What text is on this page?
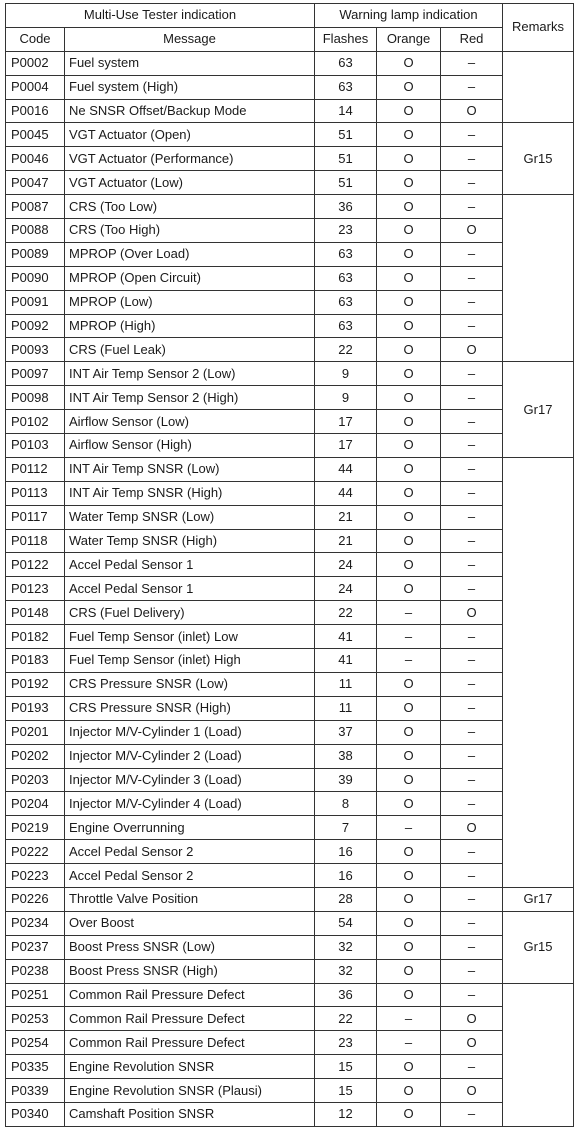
Multi-Use Tester indication		Warning lamp indication			Remarks
Code	Message	Flashes	Orange	Red	
P0002	Fuel system	63	O	–	
P0004	Fuel system (High)	63	O	–	
P0016	Ne SNSR Offset/Backup Mode	14	O	O	
P0045	VGT Actuator (Open)	51	O	–	Gr15
P0046	VGT Actuator (Performance)	51	O	–	
P0047	VGT Actuator (Low)	51	O	–	
P0087	CRS (Too Low)	36	O	–	
P0088	CRS (Too High)	23	O	O	
P0089	MPROP (Over Load)	63	O	–	
P0090	MPROP (Open Circuit)	63	O	–	
P0091	MPROP (Low)	63	O	–	
P0092	MPROP (High)	63	O	–	
P0093	CRS (Fuel Leak)	22	O	O	
P0097	INT Air Temp Sensor 2 (Low)	9	O	–	Gr17
P0098	INT Air Temp Sensor 2 (High)	9	O	–	
P0102	Airflow Sensor (Low)	17	O	–	
P0103	Airflow Sensor (High)	17	O	–	
P0112	INT Air Temp SNSR (Low)	44	O	–	
P0113	INT Air Temp SNSR (High)	44	O	–	
P0117	Water Temp SNSR (Low)	21	O	–	
P0118	Water Temp SNSR (High)	21	O	–	
P0122	Accel Pedal Sensor 1	24	O	–	
P0123	Accel Pedal Sensor 1	24	O	–	
P0148	CRS (Fuel Delivery)	22	–	O	
P0182	Fuel Temp Sensor (inlet) Low	41	–	–	
P0183	Fuel Temp Sensor (inlet) High	41	–	–	
P0192	CRS Pressure SNSR (Low)	11	O	–	
P0193	CRS Pressure SNSR (High)	11	O	–	
P0201	Injector M/V-Cylinder 1 (Load)	37	O	–	
P0202	Injector M/V-Cylinder 2 (Load)	38	O	–	
P0203	Injector M/V-Cylinder 3 (Load)	39	O	–	
P0204	Injector M/V-Cylinder 4 (Load)	8	O	–	
P0219	Engine Overrunning	7	–	O	
P0222	Accel Pedal Sensor 2	16	O	–	
P0223	Accel Pedal Sensor 2	16	O	–	
P0226	Throttle Valve Position	28	O	–	Gr17
P0234	Over Boost	54	O	–	Gr15
P0237	Boost Press SNSR (Low)	32	O	–	
P0238	Boost Press SNSR (High)	32	O	–	
P0251	Common Rail Pressure Defect	36	O	–	
P0253	Common Rail Pressure Defect	22	–	O	
P0254	Common Rail Pressure Defect	23	–	O	
P0335	Engine Revolution SNSR	15	O	–	
P0339	Engine Revolution SNSR (Plausi)	15	O	O	
P0340	Camshaft Position SNSR	12	O	–	
